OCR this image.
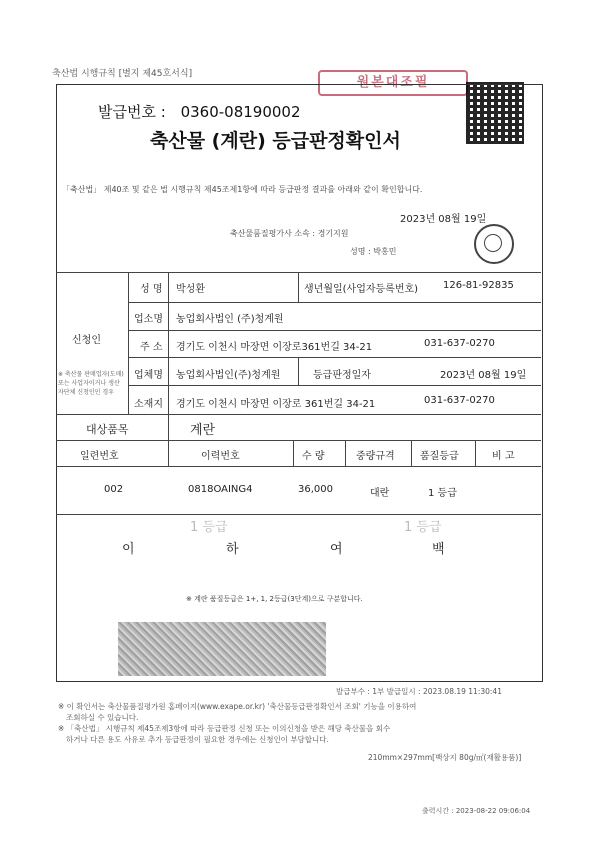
축산법 시행규칙 [별지 제45호서식]
원본대조필
발급번호 : 0360-08190002
축산물 (계란) 등급판정확인서
「축산법」 제40조 및 같은 법 시행규칙 제45조제1항에 따라 등급판정 결과를 아래와 같이 확인합니다.
2023년 08월 19일
축산물품질평가사 소속 : 경기지원
성명 : 박홍민
신청인
※ 축산물 판매업자(도매) 또는 사업자이거나 생산자단체 신청인인 경우
성 명 박성환	생년월일(사업자등록번호) 126-81-92835
업소명 농업회사법인 (주)청계원
주 소 경기도 이천시 마장면 이장로361번길 34-21	031-637-0270
업체명 농업회사법인(주)청계원	등급판정일자	2023년 08월 19일
소재지 경기도 이천시 마장면 이장로 361번길 34-21	031-637-0270
대상품목	계란
일련번호	이력번호	수 량	중량규격	품질등급	비 고
002	0818OAING4	36,000	대란	1 등급
이	하	여	백
1 등급	1 등급
※ 계란 품질등급은 1+, 1, 2등급(3단계)으로 구분합니다.
발급부수 : 1부 발급일시 : 2023.08.19 11:30:41
※ 이 확인서는 축산물품질평가원 홈페이지(www.exape.or.kr) '축산물등급판정확인서 조회' 기능을 이용하여
조회하실 수 있습니다.
※ 「축산법」 시행규칙 제45조제3항에 따라 등급판정 신청 또는 이의신청을 받은 해당 축산물을 회수
하거나 다른 용도 사유로 추가 등급판정이 필요한 경우에는 신청인이 부담합니다.
210mm×297mm[백상지 80g/㎡(재활용품)]
출력시간 : 2023-08-22 09:06:04
